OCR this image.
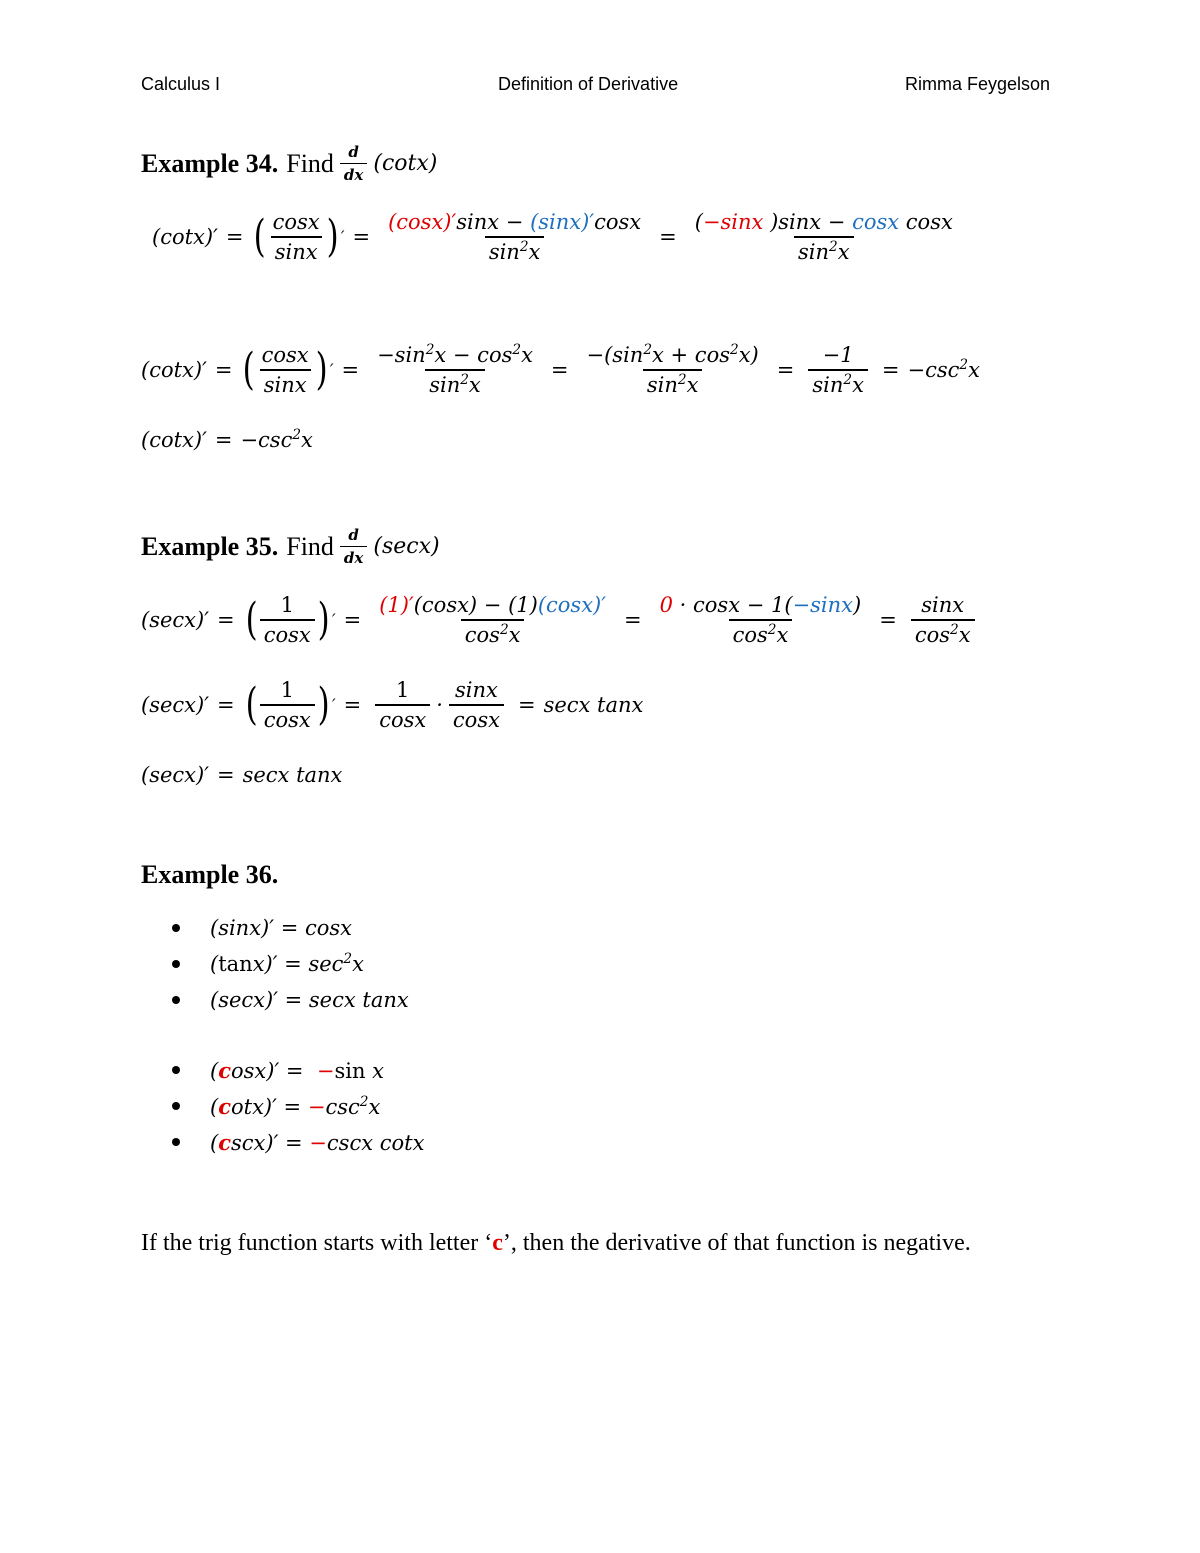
Calculus I	Definition of Derivative	Rimma Feygelson
Example 34. Find $\frac{d}{dx} (\cot x)$
(cotx)′ = ( $\frac{\cos x}{\sin x}$ ) ′ = $\frac{(\cos x)'\sin x - (\sin x)'\cos x}{\sin^2x} = \frac{\text{(−sinx )sinx − cosx cosx}}{\sin^2x}$
(cotx)′ = ( $\frac{\cos x}{\sin x}$ ) ′ = $\frac{-\sin^2x - \cos^2x}{\sin^2x} = \frac{-(\sin^2x + \cos^2x)}{\sin^2x} = \frac{-1}{\sin^2x} = -\csc^2x$
$(\cot x)' = -\csc^2x$
Example 35. Find $\frac{d}{dx} (\sec x)$
(secx)′ = ( $\frac{1}{\cos x}$ ) ′ = $\frac{(1)'(\cos x) - (1)(\cos x)'}{\cos^2x} = \frac{0 \cdot \cos x - 1(-\sin x)}{\cos^2x} = \frac{\sin x}{\cos^2x}$
(secx)′ = ( $\frac{1}{\cos x}$ ) ′ = $\frac{1}{\cos x} \cdot \frac{\sin x}{\cos x} = \sec x$ tanx
(secx)′ = secx tanx
Example 36.
(sinx)′ = cosx
$(\tan x)' = \sec^2x$
(secx)′ = secx tanx
(cosx)′ =  −sin x
$(\cot x)' = -\csc^2x$
(cscx)′ = −cscx cotx
If the trig function starts with letter ‘c’, then the derivative of that function is negative.
